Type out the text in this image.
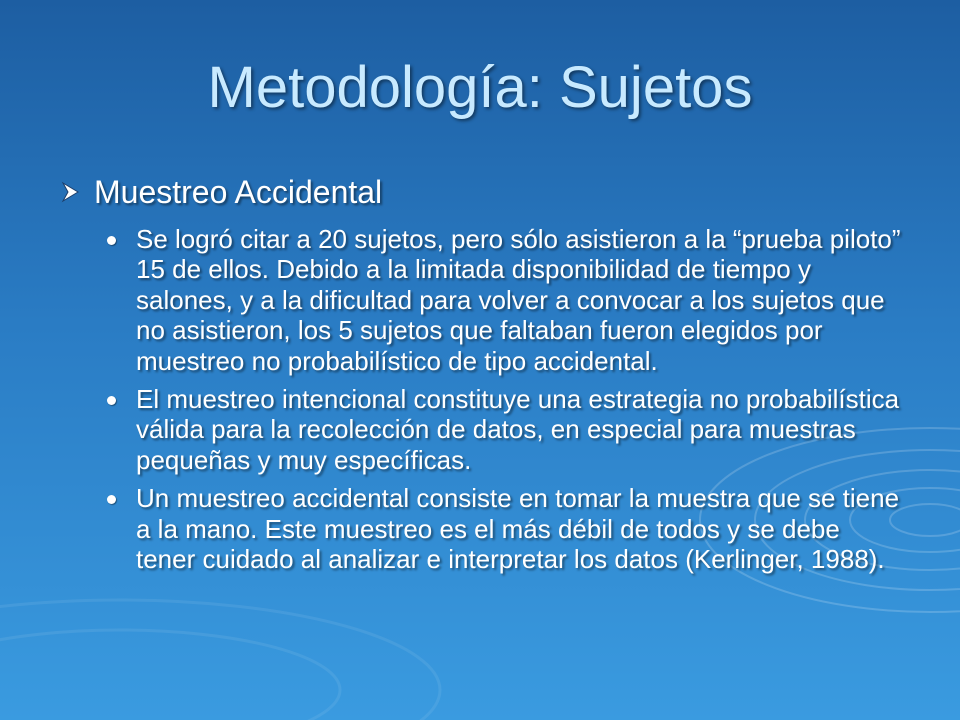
Metodología: Sujetos
Muestreo Accidental
Se logró citar a 20 sujetos, pero sólo asistieron a la “prueba piloto” 15 de ellos. Debido a la limitada disponibilidad de tiempo y salones, y a la dificultad para volver a convocar a los sujetos que no asistieron, los 5 sujetos que faltaban fueron elegidos por muestreo no probabilístico de tipo accidental.
El muestreo intencional constituye una estrategia no probabilística válida para la recolección de datos, en especial para muestras pequeñas y muy específicas.
Un muestreo accidental consiste en tomar la muestra que se tiene a la mano. Este muestreo es el más débil de todos y se debe tener cuidado al analizar e interpretar los datos (Kerlinger, 1988).
